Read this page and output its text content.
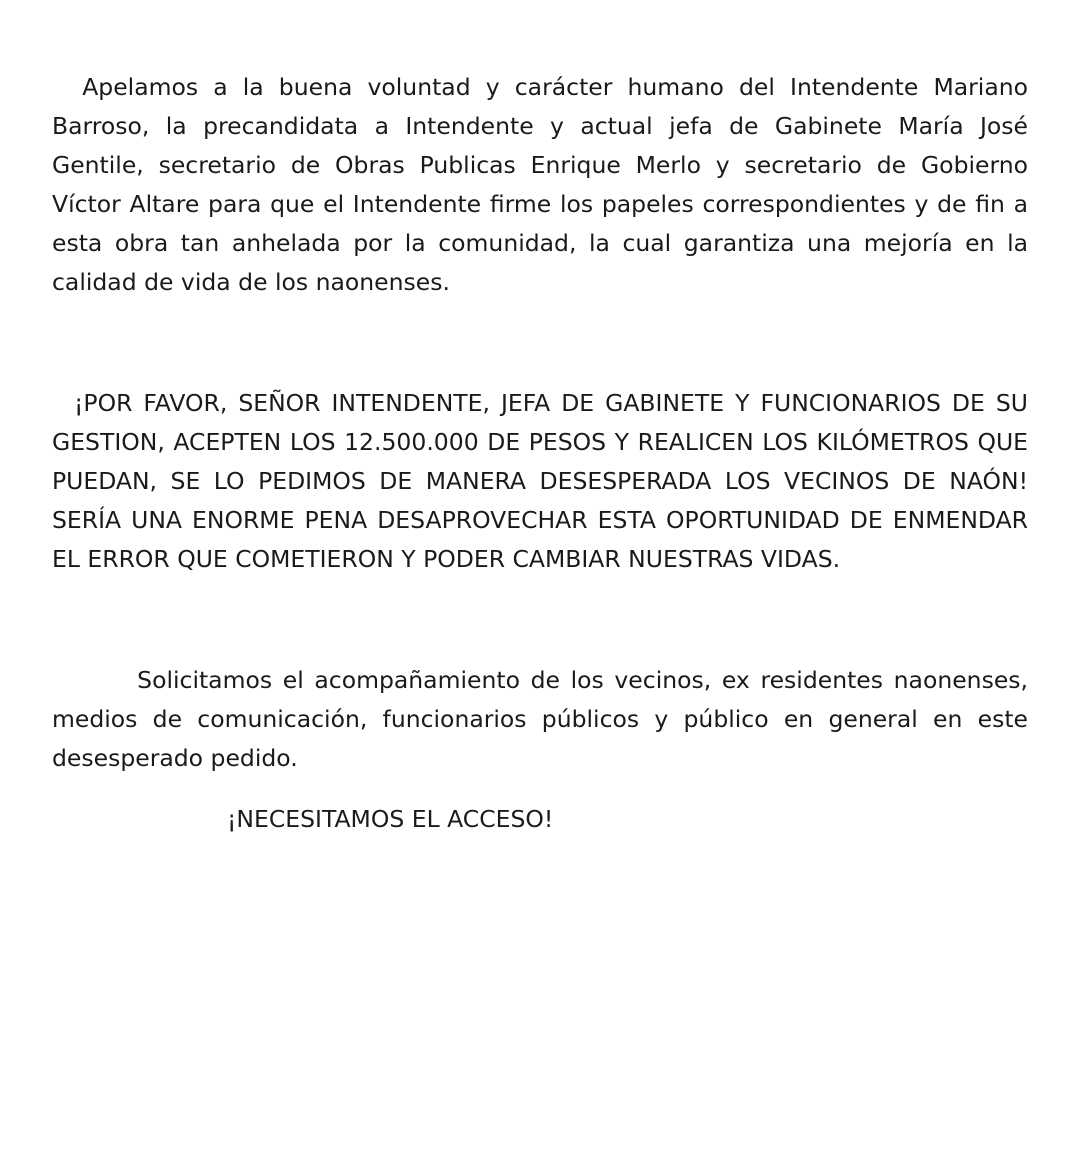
Apelamos a la buena voluntad y carácter humano del Intendente Mariano Barroso, la precandidata a Intendente y actual jefa de Gabinete María José Gentile, secretario de Obras Publicas Enrique Merlo y secretario de Gobierno Víctor Altare para que el Intendente firme los papeles correspondientes y de fin a esta obra tan anhelada por la comunidad, la cual garantiza una mejoría en la calidad de vida de los naonenses.

¡POR FAVOR, SEÑOR INTENDENTE, JEFA DE GABINETE Y FUNCIONARIOS DE SU GESTION, ACEPTEN LOS 12.500.000 DE PESOS Y REALICEN LOS KILÓMETROS QUE PUEDAN, SE LO PEDIMOS DE MANERA DESESPERADA LOS VECINOS DE NAÓN! SERÍA UNA ENORME PENA DESAPROVECHAR ESTA OPORTUNIDAD DE ENMENDAR EL ERROR QUE COMETIERON Y PODER CAMBIAR NUESTRAS VIDAS.

Solicitamos el acompañamiento de los vecinos, ex residentes naonenses, medios de comunicación, funcionarios públicos y público en general en este desesperado pedido.

¡NECESITAMOS EL ACCESO!
